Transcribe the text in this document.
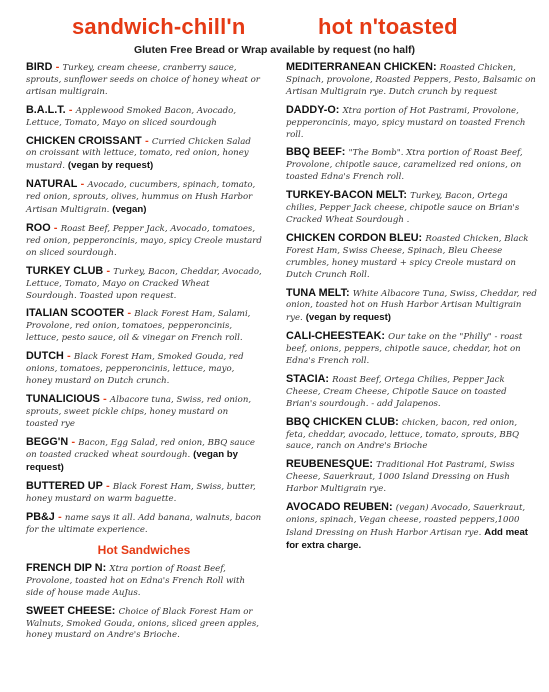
sandwich-chill'n	hot n'toasted
Gluten Free Bread or Wrap available by request (no half)
BIRD - Turkey, cream cheese, cranberry sauce, sprouts, sunflower seeds on choice of honey wheat or artisan multigrain.
B.A.L.T. - Applewood Smoked Bacon, Avocado, Lettuce, Tomato, Mayo on sliced sourdough
CHICKEN CROISSANT - Curried Chicken Salad on croissant with lettuce, tomato, red onion, honey mustard. (vegan by request)
NATURAL - Avocado, cucumbers, spinach, tomato, red onion, sprouts, olives, hummus on Hush Harbor Artisan Multigrain. (vegan)
ROO - Roast Beef, Pepper Jack, Avocado, tomatoes, red onion, pepperoncinis, mayo, spicy Creole mustard on sliced sourdough.
TURKEY CLUB - Turkey, Bacon, Cheddar, Avocado, Lettuce, Tomato, Mayo on Cracked Wheat Sourdough. Toasted upon request.
ITALIAN SCOOTER - Black Forest Ham, Salami, Provolone, red onion, tomatoes, pepperoncinis, lettuce, pesto sauce, oil & vinegar on French roll.
DUTCH - Black Forest Ham, Smoked Gouda, red onions, tomatoes, pepperoncinis, lettuce, mayo, honey mustard on Dutch crunch.
TUNALICIOUS - Albacore tuna, Swiss, red onion, sprouts, sweet pickle chips, honey mustard on toasted rye
BEGG'N - Bacon, Egg Salad, red onion, BBQ sauce on toasted cracked wheat sourdough. (vegan by request)
BUTTERED UP - Black Forest Ham, Swiss, butter, honey mustard on warm baguette.
PB&J - name says it all. Add banana, walnuts, bacon for the ultimate experience.
Hot Sandwiches
FRENCH DIP N: Xtra portion of Roast Beef, Provolone, toasted hot on Edna's French Roll with side of house made AuJus.
SWEET CHEESE: Choice of Black Forest Ham or Walnuts, Smoked Gouda, onions, sliced green apples, honey mustard on Andre's Brioche.
MEDITERRANEAN CHICKEN: Roasted Chicken, Spinach, provolone, Roasted Peppers, Pesto, Balsamic on Artisan Multigrain rye. Dutch crunch by request
DADDY-O: Xtra portion of Hot Pastrami, Provolone, pepperoncinis, mayo, spicy mustard on toasted French roll.
BBQ BEEF: "The Bomb". Xtra portion of Roast Beef, Provolone, chipotle sauce, caramelized red onions, on toasted Edna's French roll.
TURKEY-BACON MELT: Turkey, Bacon, Ortega chilies, Pepper Jack cheese, chipotle sauce on Brian's Cracked Wheat Sourdough .
CHICKEN CORDON BLEU: Roasted Chicken, Black Forest Ham, Swiss Cheese, Spinach, Bleu Cheese crumbles, honey mustard + spicy Creole mustard on Dutch Crunch Roll.
TUNA MELT: White Albacore Tuna, Swiss, Cheddar, red onion, toasted hot on Hush Harbor Artisan Multigrain rye. (vegan by request)
CALI-CHEESTEAK: Our take on the "Philly" - roast beef, onions, peppers, chipotle sauce, cheddar, hot on Edna's French roll.
STACIA: Roast Beef, Ortega Chilies, Pepper Jack Cheese, Cream Cheese, Chipotle Sauce on toasted Brian's sourdough. - add Jalapenos.
BBQ CHICKEN CLUB: chicken, bacon, red onion, feta, cheddar, avocado, lettuce, tomato, sprouts, BBQ sauce, ranch on Andre's Brioche
REUBENESQUE: Traditional Hot Pastrami, Swiss Cheese, Sauerkraut, 1000 Island Dressing on Hush Harbor Multigrain rye.
AVOCADO REUBEN: (vegan) Avocado, Sauerkraut, onions, spinach, Vegan cheese, roasted peppers,1000 Island Dressing on Hush Harbor Artisan rye. Add meat for extra charge.
